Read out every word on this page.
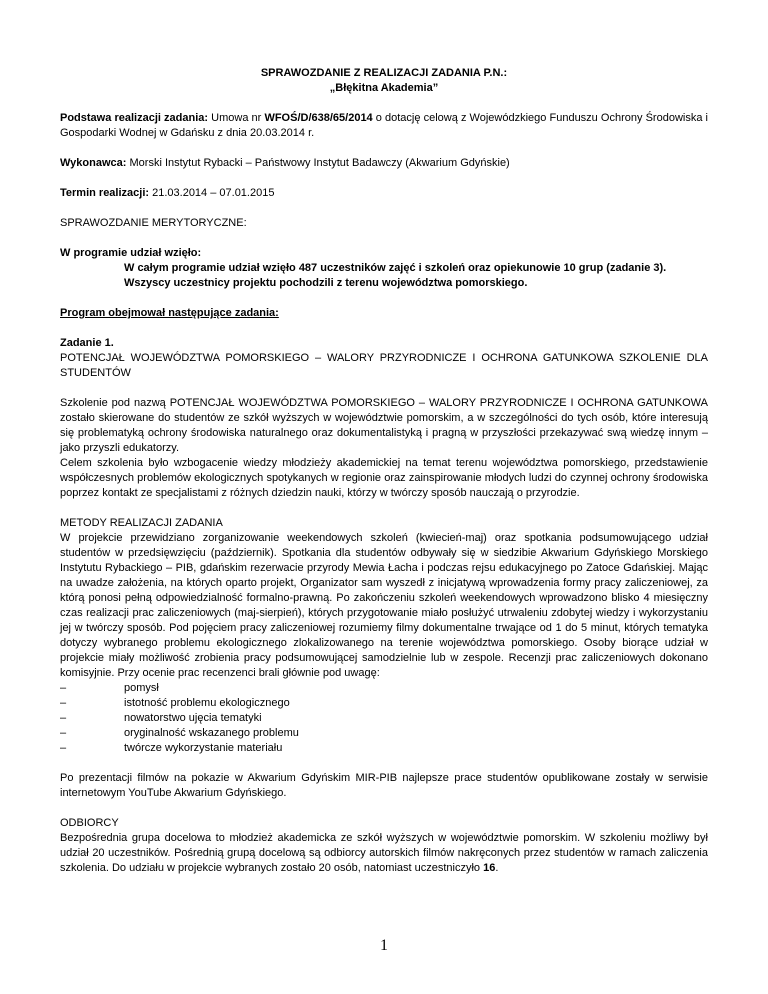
SPRAWOZDANIE Z REALIZACJI ZADANIA P.N.:

„Błękitna Akademia”

Podstawa realizacji zadania: Umowa nr WFOŚ/D/638/65/2014 o dotację celową z Wojewódzkiego Funduszu Ochrony Środowiska i Gospodarki Wodnej w Gdańsku z dnia 20.03.2014 r.

Wykonawca: Morski Instytut Rybacki – Państwowy Instytut Badawczy (Akwarium Gdyńskie)

Termin realizacji: 21.03.2014 – 07.01.2015

SPRAWOZDANIE MERYTORYCZNE:

W programie udział wzięło:

W całym programie udział wzięło 487 uczestników zajęć i szkoleń oraz opiekunowie 10 grup (zadanie 3).

Wszyscy uczestnicy projektu pochodzili z terenu województwa pomorskiego.

Program obejmował następujące zadania:

Zadanie 1.

POTENCJAŁ WOJEWÓDZTWA POMORSKIEGO – WALORY PRZYRODNICZE I OCHRONA GATUNKOWA SZKOLENIE DLA STUDENTÓW

Szkolenie pod nazwą POTENCJAŁ WOJEWÓDZTWA POMORSKIEGO – WALORY PRZYRODNICZE I OCHRONA GATUNKOWA zostało skierowane do studentów ze szkół wyższych w województwie pomorskim, a w szczególności do tych osób, które interesują się problematyką ochrony środowiska naturalnego oraz dokumentalistyką i pragną w przyszłości przekazywać swą wiedzę innym – jako przyszli edukatorzy.

Celem szkolenia było wzbogacenie wiedzy młodzieży akademickiej na temat terenu województwa pomorskiego, przedstawienie współczesnych problemów ekologicznych spotykanych w regionie oraz zainspirowanie młodych ludzi do czynnej ochrony środowiska poprzez kontakt ze specjalistami z różnych dziedzin nauki, którzy w twórczy sposób nauczają o przyrodzie.

METODY REALIZACJI ZADANIA

W projekcie przewidziano zorganizowanie weekendowych szkoleń (kwiecień-maj) oraz spotkania podsumowującego udział studentów w przedsięwzięciu (październik). Spotkania dla studentów odbywały się w siedzibie Akwarium Gdyńskiego Morskiego Instytutu Rybackiego – PIB, gdańskim rezerwacie przyrody Mewia Łacha i podczas rejsu edukacyjnego po Zatoce Gdańskiej. Mając na uwadze założenia, na których oparto projekt, Organizator sam wyszedł z inicjatywą wprowadzenia formy pracy zaliczeniowej, za którą ponosi pełną odpowiedzialność formalno-prawną. Po zakończeniu szkoleń weekendowych wprowadzono blisko 4 miesięczny czas realizacji prac zaliczeniowych (maj-sierpień), których przygotowanie miało posłużyć utrwaleniu zdobytej wiedzy i wykorzystaniu jej w twórczy sposób. Pod pojęciem pracy zaliczeniowej rozumiemy filmy dokumentalne trwające od 1 do 5 minut, których tematyka dotyczy wybranego problemu ekologicznego zlokalizowanego na terenie województwa pomorskiego. Osoby biorące udział w projekcie miały możliwość zrobienia pracy podsumowującej samodzielnie lub w zespole. Recenzji prac zaliczeniowych dokonano komisyjnie. Przy ocenie prac recenzenci brali głównie pod uwagę:

–	pomysł
–	istotność problemu ekologicznego
–	nowatorstwo ujęcia tematyki
–	oryginalność wskazanego problemu
–	twórcze wykorzystanie materiału

Po prezentacji filmów na pokazie w Akwarium Gdyńskim MIR-PIB najlepsze prace studentów opublikowane zostały w serwisie internetowym YouTube Akwarium Gdyńskiego.

ODBIORCY

Bezpośrednia grupa docelowa to młodzież akademicka ze szkół wyższych w województwie pomorskim. W szkoleniu możliwy był udział 20 uczestników. Pośrednią grupą docelową są odbiorcy autorskich filmów nakręconych przez studentów w ramach zaliczenia szkolenia. Do udziału w projekcie wybranych zostało 20 osób, natomiast uczestniczyło 16.

1
